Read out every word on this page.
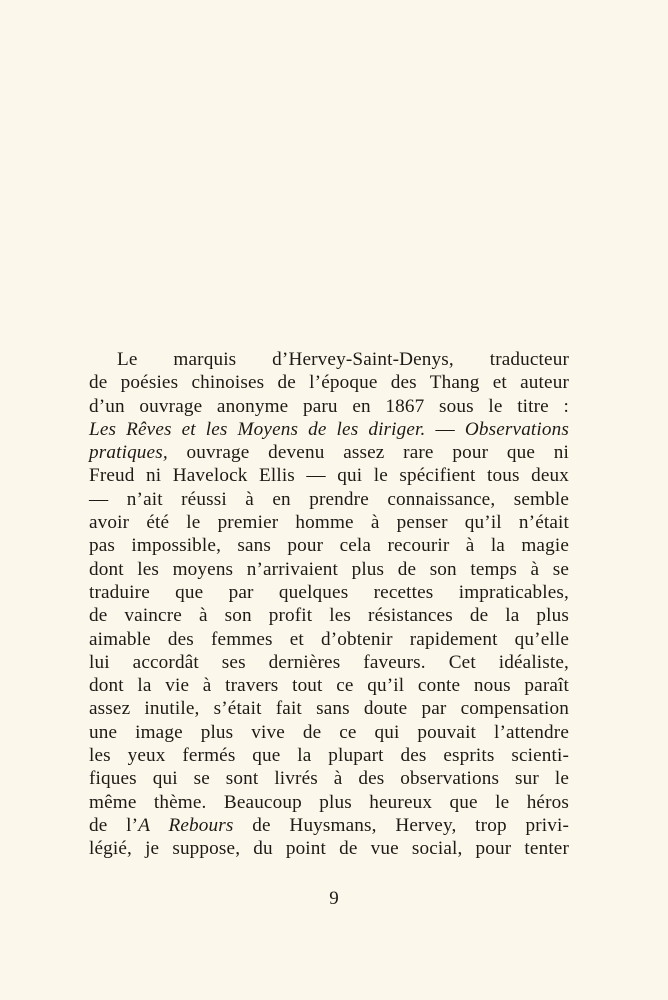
Le marquis d’Hervey-Saint-Denys, traducteur
de poésies chinoises de l’époque des Thang et auteur
d’un ouvrage anonyme paru en 1867 sous le titre :
Les Rêves et les Moyens de les diriger. — Observations
pratiques, ouvrage devenu assez rare pour que ni
Freud ni Havelock Ellis — qui le spécifient tous deux
— n’ait réussi à en prendre connaissance, semble
avoir été le premier homme à penser qu’il n’était
pas impossible, sans pour cela recourir à la magie
dont les moyens n’arrivaient plus de son temps à se
traduire que par quelques recettes impraticables,
de vaincre à son profit les résistances de la plus
aimable des femmes et d’obtenir rapidement qu’elle
lui accordât ses dernières faveurs. Cet idéaliste,
dont la vie à travers tout ce qu’il conte nous paraît
assez inutile, s’était fait sans doute par compensation
une image plus vive de ce qui pouvait l’attendre
les yeux fermés que la plupart des esprits scienti-
fiques qui se sont livrés à des observations sur le
même thème. Beaucoup plus heureux que le héros
de l’A Rebours de Huysmans, Hervey, trop privi-
légié, je suppose, du point de vue social, pour tenter
9
